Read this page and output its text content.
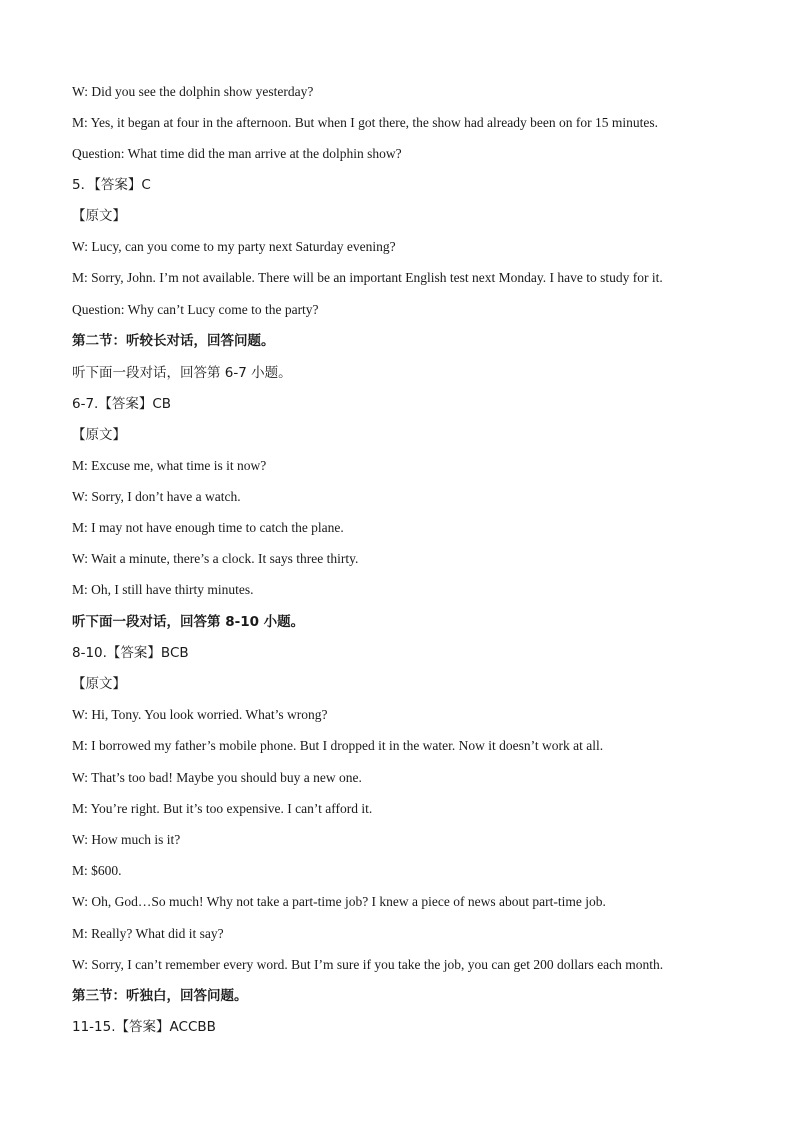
W: Did you see the dolphin show yesterday?
M: Yes, it began at four in the afternoon. But when I got there, the show had already been on for 15 minutes.
Question: What time did the man arrive at the dolphin show?
5．【答案】C
【原文】
W: Lucy, can you come to my party next Saturday evening?
M: Sorry, John. I’m not available. There will be an important English test next Monday. I have to study for it.
Question: Why can’t Lucy come to the party?
第二节：听较长对话，回答问题。
听下面一段对话，回答第 6-7 小题。
6-7.【答案】CB
【原文】
M: Excuse me, what time is it now?
W: Sorry, I don’t have a watch.
M: I may not have enough time to catch the plane.
W: Wait a minute, there’s a clock. It says three thirty.
M: Oh, I still have thirty minutes.
听下面一段对话，回答第 8-10 小题。
8-10.【答案】BCB
【原文】
W: Hi, Tony. You look worried. What’s wrong?
M: I borrowed my father’s mobile phone. But I dropped it in the water. Now it doesn’t work at all.
W: That’s too bad! Maybe you should buy a new one.
M: You’re right. But it’s too expensive. I can’t afford it.
W: How much is it?
M: $600.
W: Oh, God…So much! Why not take a part-time job? I knew a piece of news about part-time job.
M: Really? What did it say?
W: Sorry, I can’t remember every word. But I’m sure if you take the job, you can get 200 dollars each month.
第三节：听独白，回答问题。
11-15.【答案】ACCBB
